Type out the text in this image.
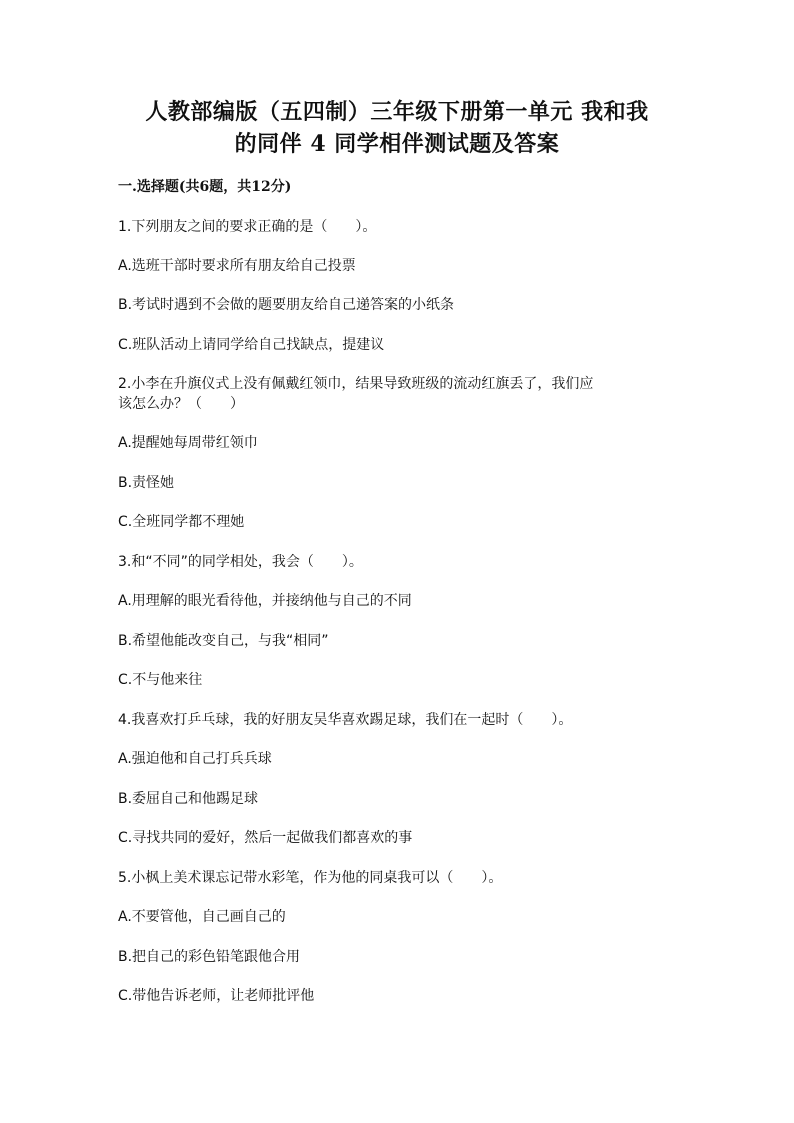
人教部编版（五四制）三年级下册第一单元 我和我
的同伴 4 同学相伴测试题及答案
一.选择题(共6题，共12分)
1.下列朋友之间的要求正确的是（　　）。
A.选班干部时要求所有朋友给自己投票
B.考试时遇到不会做的题要朋友给自己递答案的小纸条
C.班队活动上请同学给自己找缺点，提建议
2.小李在升旗仪式上没有佩戴红领巾，结果导致班级的流动红旗丢了，我们应
该怎么办？（　　）
A.提醒她每周带红领巾
B.责怪她
C.全班同学都不理她
3.和“不同”的同学相处，我会（　　）。
A.用理解的眼光看待他，并接纳他与自己的不同
B.希望他能改变自己，与我“相同”
C.不与他来往
4.我喜欢打乒乓球，我的好朋友吴华喜欢踢足球，我们在一起时（　　）。
A.强迫他和自己打兵兵球
B.委屈自己和他踢足球
C.寻找共同的爱好，然后一起做我们都喜欢的事
5.小枫上美术课忘记带水彩笔，作为他的同桌我可以（　　）。
A.不要管他，自己画自己的
B.把自己的彩色铅笔跟他合用
C.带他告诉老师，让老师批评他
